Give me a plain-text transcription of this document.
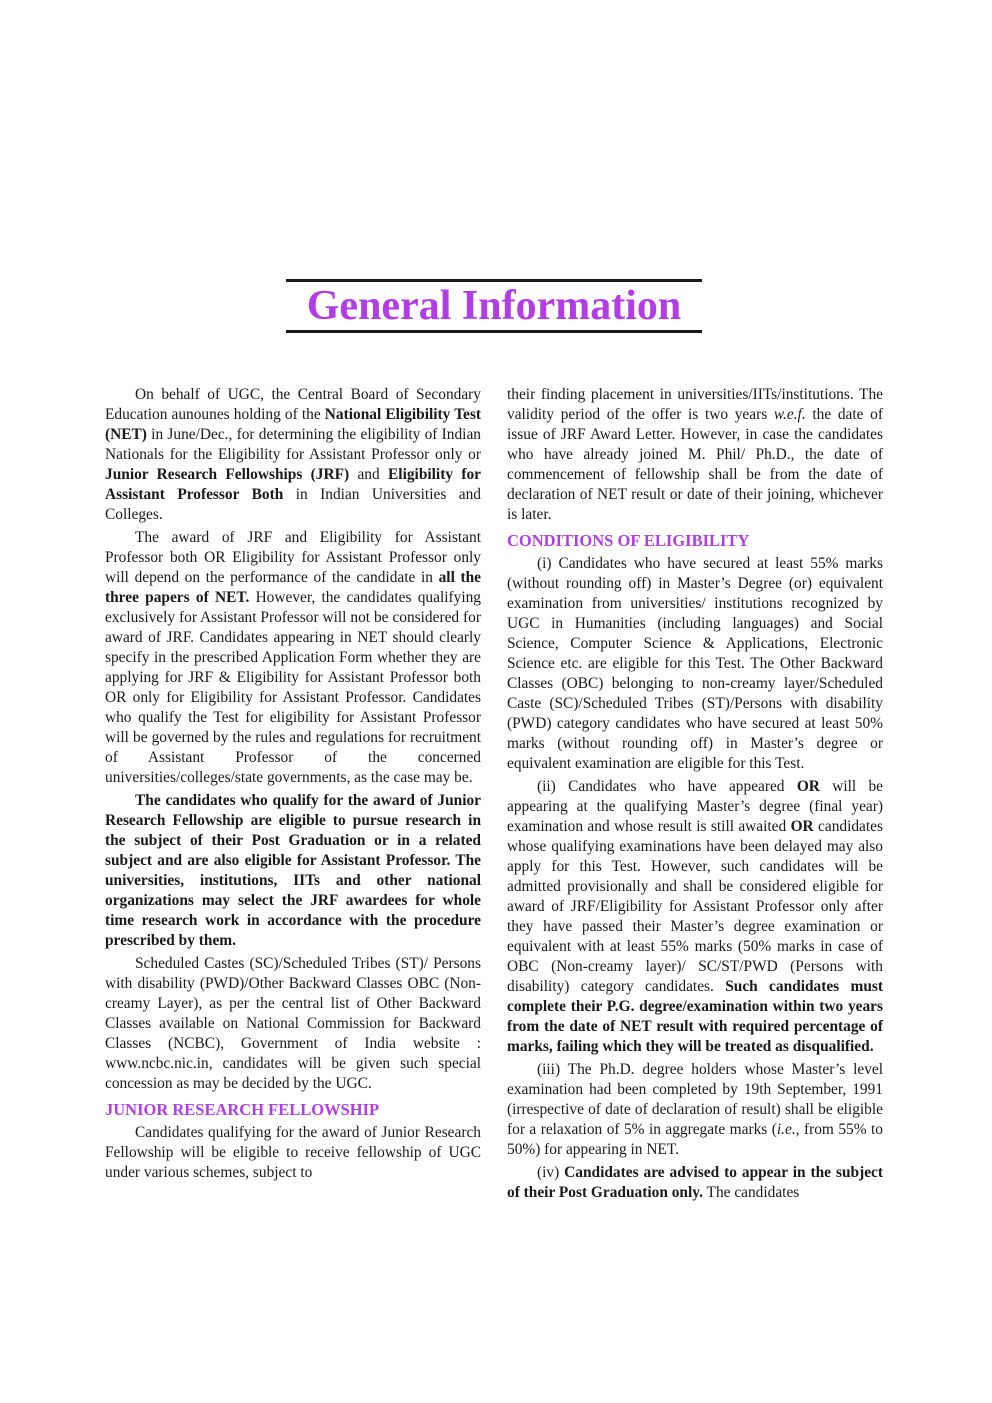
General Information

On behalf of UGC, the Central Board of Secondary Education aunounes holding of the National Eligibility Test (NET) in June/Dec., for determining the eligibility of Indian Nationals for the Eligibility for Assistant Professor only or Junior Research Fellowships (JRF) and Eligibility for Assistant Professor Both in Indian Universities and Colleges.

The award of JRF and Eligibility for Assistant Professor both OR Eligibility for Assistant Professor only will depend on the performance of the candidate in all the three papers of NET. However, the candidates qualifying exclusively for Assistant Professor will not be considered for award of JRF. Candidates appearing in NET should clearly specify in the prescribed Application Form whether they are applying for JRF & Eligibility for Assistant Professor both OR only for Eligibility for Assistant Professor. Candidates who qualify the Test for eligibility for Assistant Professor will be governed by the rules and regulations for recruitment of Assistant Professor of the concerned universities/colleges/state governments, as the case may be.

The candidates who qualify for the award of Junior Research Fellowship are eligible to pursue research in the subject of their Post Graduation or in a related subject and are also eligible for Assistant Professor. The universities, institutions, IITs and other national organizations may select the JRF awardees for whole time research work in accordance with the procedure prescribed by them.

Scheduled Castes (SC)/Scheduled Tribes (ST)/ Persons with disability (PWD)/Other Backward Classes OBC (Non-creamy Layer), as per the central list of Other Backward Classes available on National Commission for Backward Classes (NCBC), Government of India website : www.ncbc.nic.in, candidates will be given such special concession as may be decided by the UGC.

JUNIOR RESEARCH FELLOWSHIP

Candidates qualifying for the award of Junior Research Fellowship will be eligible to receive fellowship of UGC under various schemes, subject to

their finding placement in universities/IITs/institutions. The validity period of the offer is two years w.e.f. the date of issue of JRF Award Letter. However, in case the candidates who have already joined M. Phil/ Ph.D., the date of commencement of fellowship shall be from the date of declaration of NET result or date of their joining, whichever is later.

CONDITIONS OF ELIGIBILITY

(i) Candidates who have secured at least 55% marks (without rounding off) in Master’s Degree (or) equivalent examination from universities/ institutions recognized by UGC in Humanities (including languages) and Social Science, Computer Science & Applications, Electronic Science etc. are eligible for this Test. The Other Backward Classes (OBC) belonging to non-creamy layer/Scheduled Caste (SC)/Scheduled Tribes (ST)/Persons with disability (PWD) category candidates who have secured at least 50% marks (without rounding off) in Master’s degree or equivalent examination are eligible for this Test.

(ii) Candidates who have appeared OR will be appearing at the qualifying Master’s degree (final year) examination and whose result is still awaited OR candidates whose qualifying examinations have been delayed may also apply for this Test. However, such candidates will be admitted provisionally and shall be considered eligible for award of JRF/Eligibility for Assistant Professor only after they have passed their Master’s degree examination or equivalent with at least 55% marks (50% marks in case of OBC (Non-creamy layer)/ SC/ST/PWD (Persons with disability) category candidates. Such candidates must complete their P.G. degree/examination within two years from the date of NET result with required percentage of marks, failing which they will be treated as disqualified.

(iii) The Ph.D. degree holders whose Master’s level examination had been completed by 19th September, 1991 (irrespective of date of declaration of result) shall be eligible for a relaxation of 5% in aggregate marks (i.e., from 55% to 50%) for appearing in NET.

(iv) Candidates are advised to appear in the subject of their Post Graduation only. The candidates
